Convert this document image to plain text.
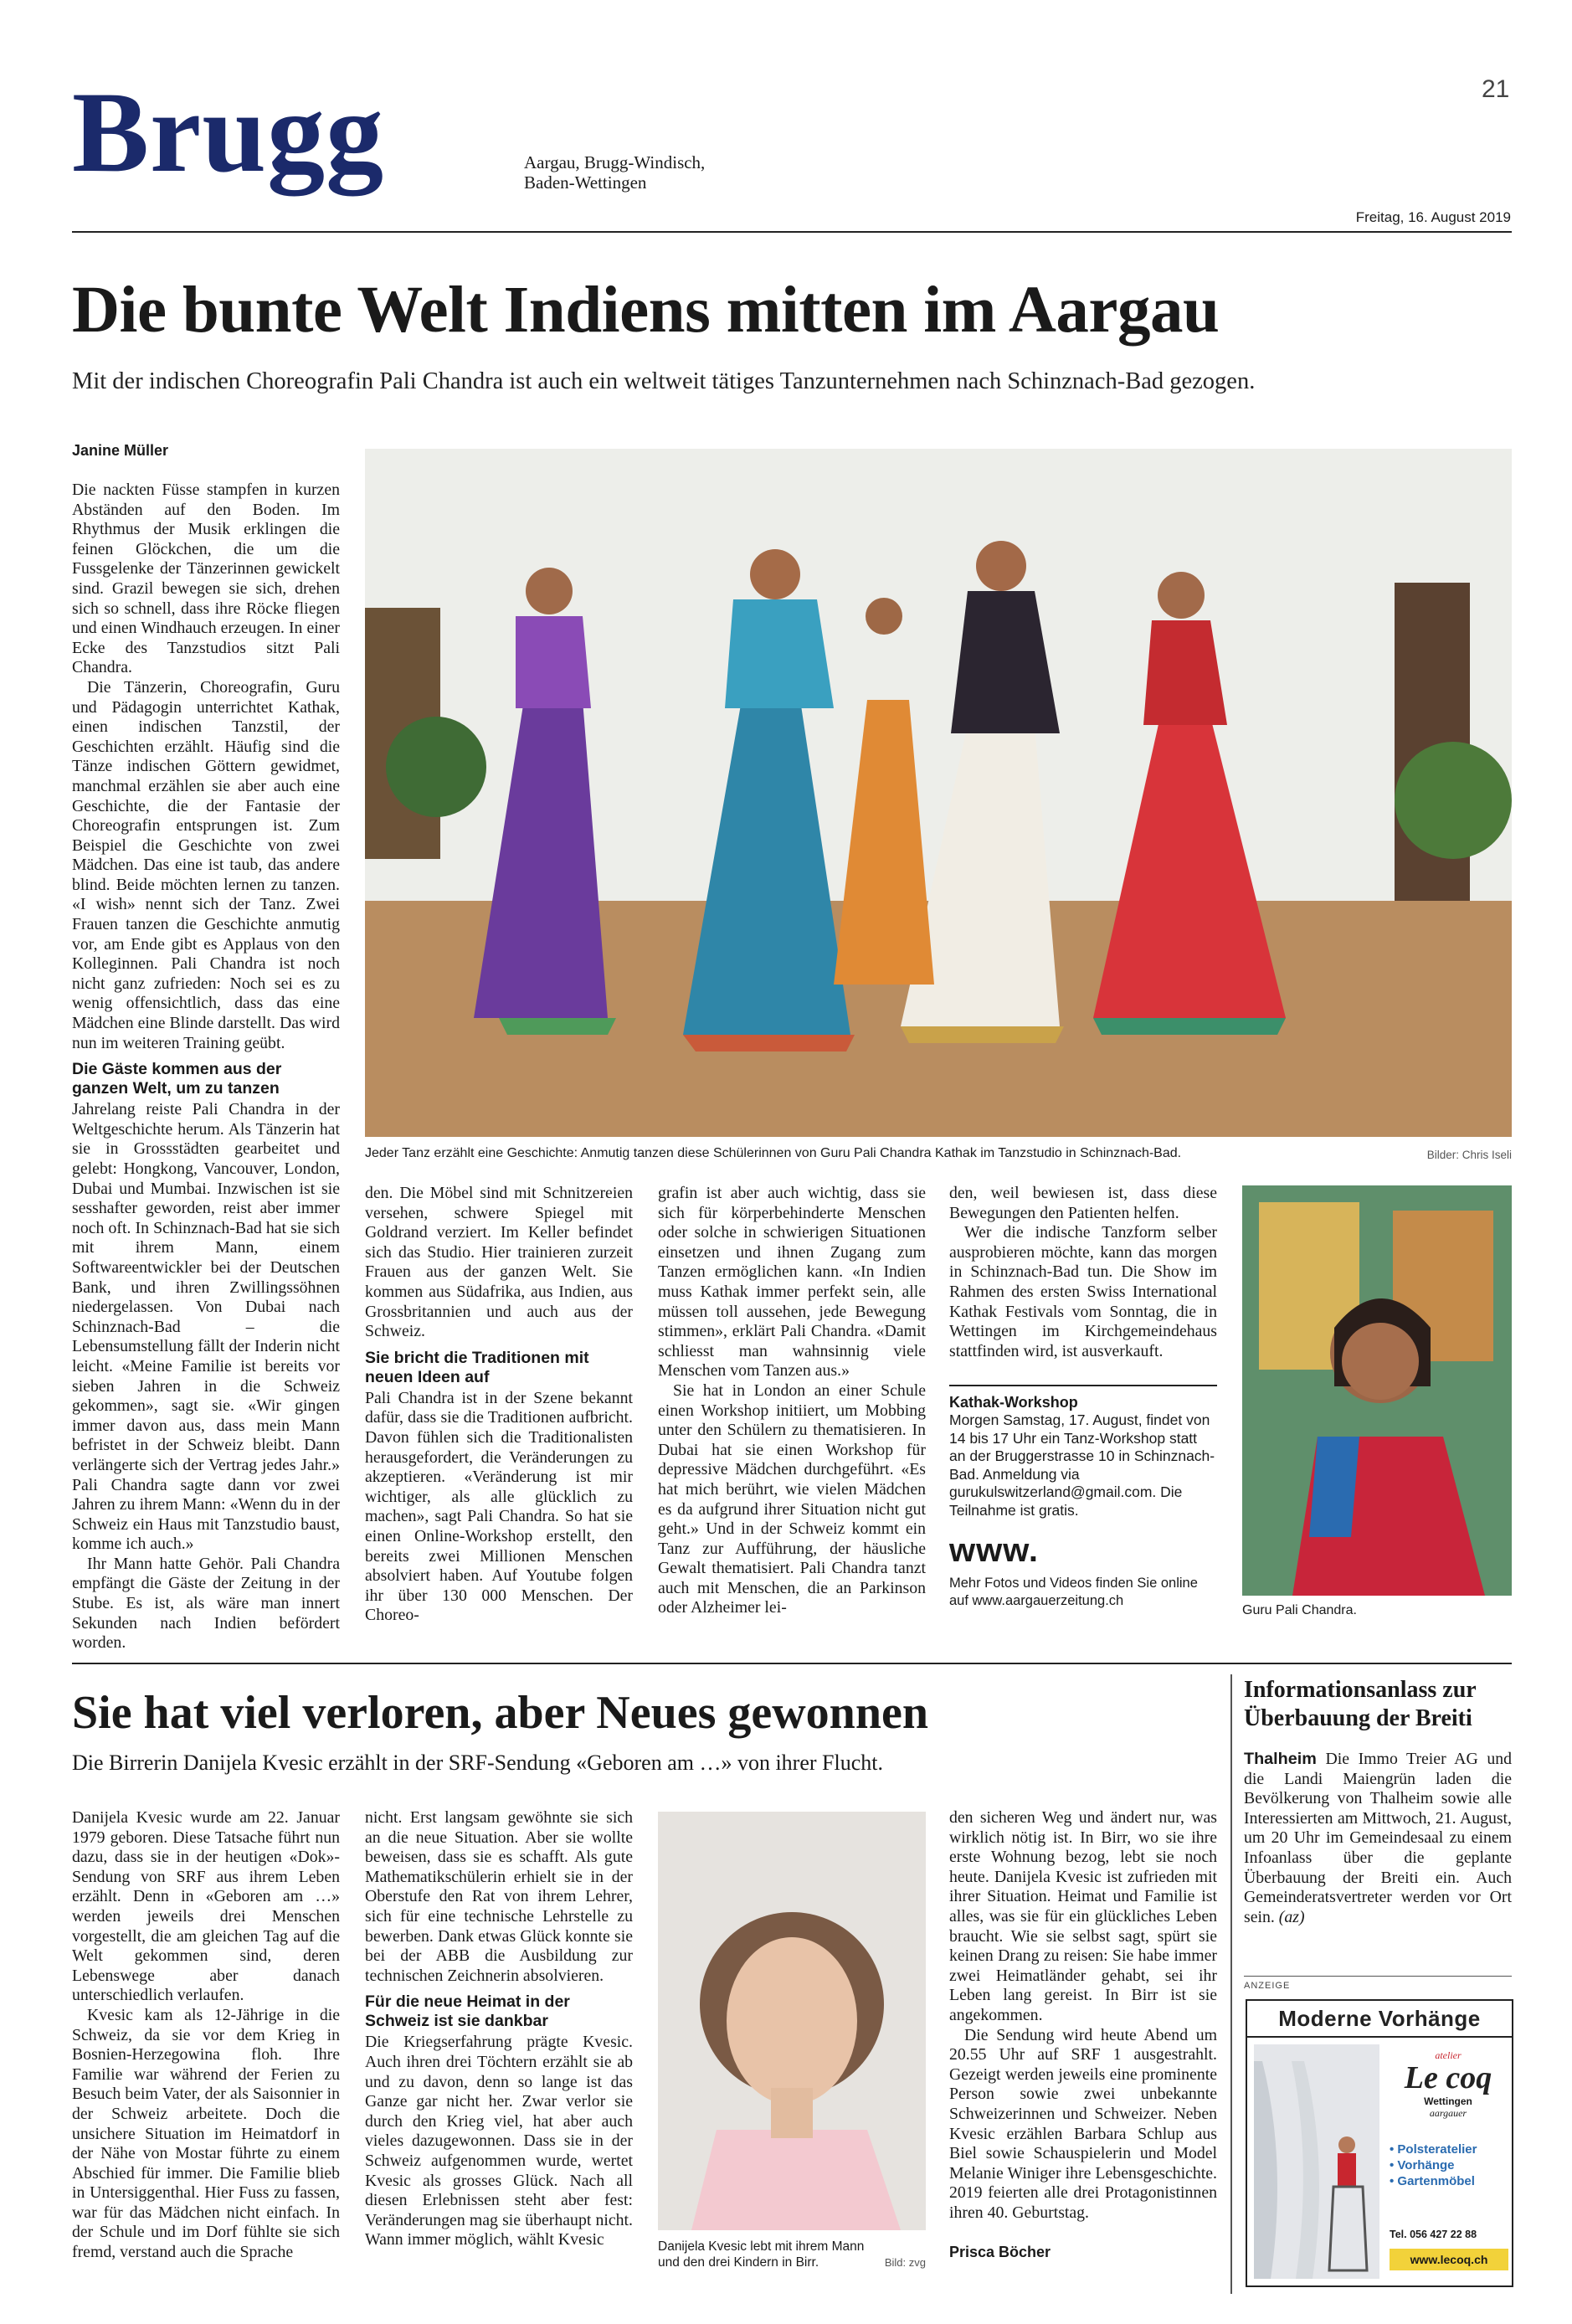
21
Brugg	Aargau, Brugg-Windisch,
Baden-Wettingen
Freitag, 16. August 2019
Die bunte Welt Indiens mitten im Aargau
Mit der indischen Choreografin Pali Chandra ist auch ein weltweit tätiges Tanzunternehmen nach Schinznach-Bad gezogen.
Janine Müller

Die nackten Füsse stampfen in kurzen Abständen auf den Boden. Im Rhythmus der Musik erklingen die feinen Glöckchen, die um die Fussgelenke der Tänzerinnen gewickelt sind. Grazil bewegen sie sich, drehen sich so schnell, dass ihre Röcke fliegen und einen Windhauch erzeugen. In einer Ecke des Tanzstudios sitzt Pali Chandra.

Die Tänzerin, Choreografin, Guru und Pädagogin unterrichtet Kathak, einen indischen Tanzstil, der Geschichten erzählt. Häufig sind die Tänze indischen Göttern gewidmet, manchmal erzählen sie aber auch eine Geschichte, die der Fantasie der Choreografin entsprungen ist. Zum Beispiel die Geschichte von zwei Mädchen. Das eine ist taub, das andere blind. Beide möchten lernen zu tanzen. «I wish» nennt sich der Tanz. Zwei Frauen tanzen die Geschichte anmutig vor, am Ende gibt es Applaus von den Kolleginnen. Pali Chandra ist noch nicht ganz zufrieden: Noch sei es zu wenig offensichtlich, dass das eine Mädchen eine Blinde darstellt. Das wird nun im weiteren Training geübt.

Die Gäste kommen aus der ganzen Welt, um zu tanzen

Jahrelang reiste Pali Chandra in der Weltgeschichte herum. Als Tänzerin hat sie in Grossstädten gearbeitet und gelebt: Hongkong, Vancouver, London, Dubai und Mumbai. Inzwischen ist sie sesshafter geworden, reist aber immer noch oft. In Schinznach-Bad hat sie sich mit ihrem Mann, einem Softwareentwickler bei der Deutschen Bank, und ihren Zwillingssöhnen niedergelassen. Von Dubai nach Schinznach-Bad – die Lebensumstellung fällt der Inderin nicht leicht. «Meine Familie ist bereits vor sieben Jahren in die Schweiz gekommen», sagt sie. «Wir gingen immer davon aus, dass mein Mann befristet in der Schweiz bleibt. Dann verlängerte sich der Vertrag jedes Jahr.» Pali Chandra sagte dann vor zwei Jahren zu ihrem Mann: «Wenn du in der Schweiz ein Haus mit Tanzstudio baust, komme ich auch.»

Ihr Mann hatte Gehör. Pali Chandra empfängt die Gäste der Zeitung in der Stube. Es ist, als wäre man innert Sekunden nach Indien befördert worden.

Jeder Tanz erzählt eine Geschichte: Anmutig tanzen diese Schülerinnen von Guru Pali Chandra Kathak im Tanzstudio in Schinznach-Bad.	Bilder: Chris Iseli

den. Die Möbel sind mit Schnitzereien versehen, schwere Spiegel mit Goldrand verziert. Im Keller befindet sich das Studio. Hier trainieren zurzeit Frauen aus der ganzen Welt. Sie kommen aus Südafrika, aus Indien, aus Grossbritannien und auch aus der Schweiz.

Sie bricht die Traditionen mit neuen Ideen auf

Pali Chandra ist in der Szene bekannt dafür, dass sie die Traditionen aufbricht. Davon fühlen sich die Traditionalisten herausgefordert, die Veränderungen zu akzeptieren. «Veränderung ist mir wichtiger, als alle glücklich zu machen», sagt Pali Chandra. So hat sie einen Online-Workshop erstellt, den bereits zwei Millionen Menschen absolviert haben. Auf Youtube folgen ihr über 130 000 Menschen. Der Choreo-

grafin ist aber auch wichtig, dass sie sich für körperbehinderte Menschen oder solche in schwierigen Situationen einsetzen und ihnen Zugang zum Tanzen ermöglichen kann. «In Indien muss Kathak immer perfekt sein, alle müssen toll aussehen, jede Bewegung stimmen», erklärt Pali Chandra. «Damit schliesst man wahnsinnig viele Menschen vom Tanzen aus.»

Sie hat in London an einer Schule einen Workshop initiiert, um Mobbing unter den Schülern zu thematisieren. In Dubai hat sie einen Workshop für depressive Mädchen durchgeführt. «Es hat mich berührt, wie vielen Mädchen es da aufgrund ihrer Situation nicht gut geht.» Und in der Schweiz kommt ein Tanz zur Aufführung, der häusliche Gewalt thematisiert. Pali Chandra tanzt auch mit Menschen, die an Parkinson oder Alzheimer lei-

den, weil bewiesen ist, dass diese Bewegungen den Patienten helfen.

Wer die indische Tanzform selber ausprobieren möchte, kann das morgen in Schinznach-Bad tun. Die Show im Rahmen des ersten Swiss International Kathak Festivals vom Sonntag, die in Wettingen im Kirchgemeindehaus stattfinden wird, ist ausverkauft.

Kathak-Workshop
Morgen Samstag, 17. August, findet von 14 bis 17 Uhr ein Tanz-Workshop statt an der Bruggerstrasse 10 in Schinznach-Bad. Anmeldung via gurukulswitzerland@gmail.com. Die Teilnahme ist gratis.
www.
Mehr Fotos und Videos finden Sie online auf www.aargauerzeitung.ch
Guru Pali Chandra.
Sie hat viel verloren, aber Neues gewonnen
Die Birrerin Danijela Kvesic erzählt in der SRF-Sendung «Geboren am …» von ihrer Flucht.

Danijela Kvesic wurde am 22. Januar 1979 geboren. Diese Tatsache führt nun dazu, dass sie in der heutigen «Dok»-Sendung von SRF aus ihrem Leben erzählt. Denn in «Geboren am …» werden jeweils drei Menschen vorgestellt, die am gleichen Tag auf die Welt gekommen sind, deren Lebenswege aber danach unterschiedlich verlaufen.

Kvesic kam als 12-Jährige in die Schweiz, da sie vor dem Krieg in Bosnien-Herzegowina floh. Ihre Familie war während der Ferien zu Besuch beim Vater, der als Saisonnier in der Schweiz arbeitete. Doch die unsichere Situation im Heimatdorf in der Nähe von Mostar führte zu einem Abschied für immer. Die Familie blieb in Untersiggenthal. Hier Fuss zu fassen, war für das Mädchen nicht einfach. In der Schule und im Dorf fühlte sie sich fremd, verstand auch die Sprache

nicht. Erst langsam gewöhnte sie sich an die neue Situation. Aber sie wollte beweisen, dass sie es schafft. Als gute Mathematikschülerin erhielt sie in der Oberstufe den Rat von ihrem Lehrer, sich für eine technische Lehrstelle zu bewerben. Dank etwas Glück konnte sie bei der ABB die Ausbildung zur technischen Zeichnerin absolvieren.

Für die neue Heimat in der Schweiz ist sie dankbar

Die Kriegserfahrung prägte Kvesic. Auch ihren drei Töchtern erzählt sie ab und zu davon, denn so lange ist das Ganze gar nicht her. Zwar verlor sie durch den Krieg viel, hat aber auch vieles dazugewonnen. Dass sie in der Schweiz aufgenommen wurde, wertet Kvesic als grosses Glück. Nach all diesen Erlebnissen steht aber fest: Veränderungen mag sie überhaupt nicht. Wann immer möglich, wählt Kvesic	Danijela Kvesic lebt mit ihrem Mann und den drei Kindern in Birr.	Bild: zvg

den sicheren Weg und ändert nur, was wirklich nötig ist. In Birr, wo sie ihre erste Wohnung bezog, lebt sie noch heute. Danijela Kvesic ist zufrieden mit ihrer Situation. Heimat und Familie ist alles, was sie für ein glückliches Leben braucht. Wie sie selbst sagt, spürt sie keinen Drang zu reisen: Sie habe immer zwei Heimatländer gehabt, sei ihr Leben lang gereist. In Birr ist sie angekommen.

Die Sendung wird heute Abend um 20.55 Uhr auf SRF 1 ausgestrahlt. Gezeigt werden jeweils eine prominente Person sowie zwei unbekannte Schweizerinnen und Schweizer. Neben Kvesic erzählen Barbara Schlup aus Biel sowie Schauspielerin und Model Melanie Winiger ihre Lebensgeschichte. 2019 feierten alle drei Protagonistinnen ihren 40. Geburtstag.

Prisca Böcher
Informationsanlass zur Überbauung der Breiti

Thalheim Die Immo Treier AG und die Landi Maiengrün laden die Bevölkerung von Thalheim sowie alle Interessierten am Mittwoch, 21. August, um 20 Uhr im Gemeindesaal zu einem Infoanlass über die geplante Überbauung der Breiti ein. Auch Gemeinderatsvertreter werden vor Ort sein. (az)

ANZEIGE
Moderne Vorhänge
atelier
Le coq
Wettingen
aargauer
• Polsteratelier
• Vorhänge
• Gartenmöbel
Tel. 056 427 22 88
www.lecoq.ch
